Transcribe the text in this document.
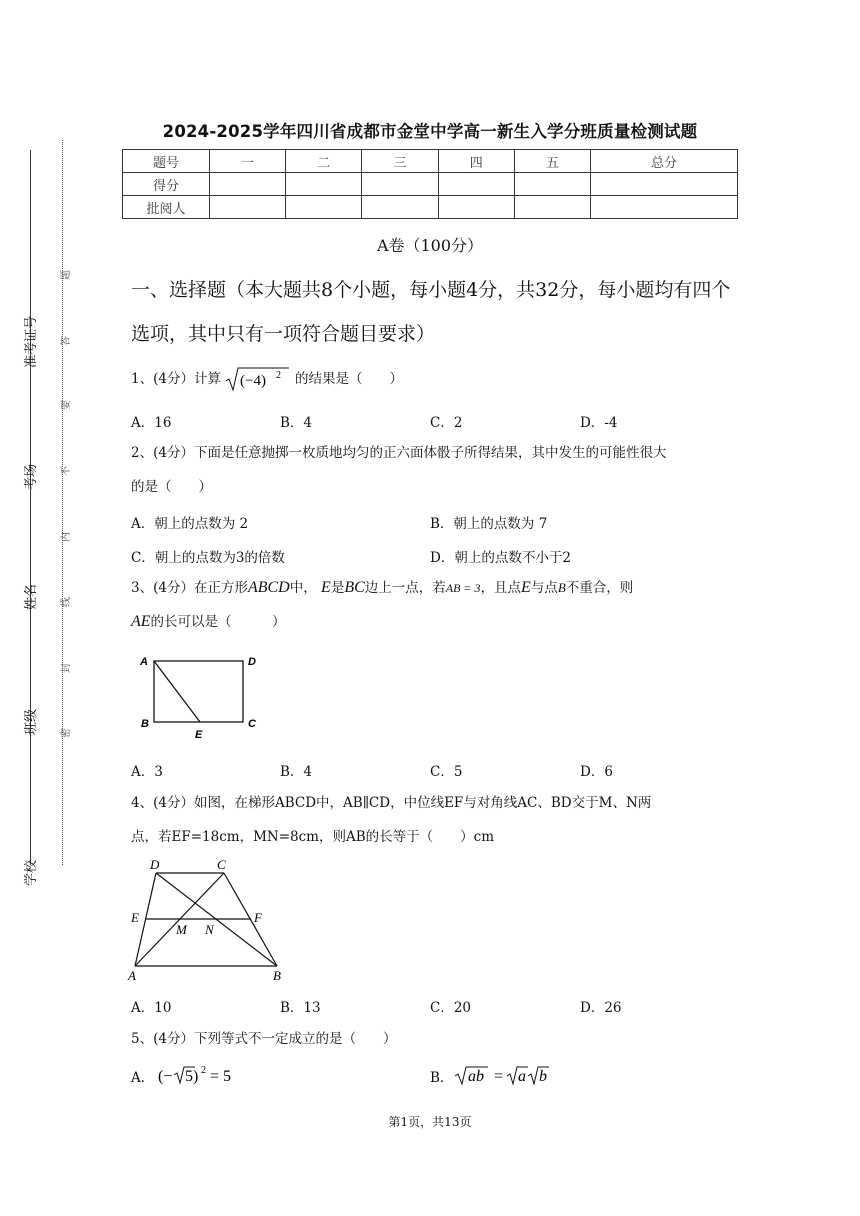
学校
班级
姓名
考场
准考证号
密
封
线
内
不
要
答
题
2024-2025学年四川省成都市金堂中学高一新生入学分班质量检测试题
题号	一	二	三	四	五	总分
得分						
批阅人						
A卷（100分）
一、选择题（本大题共8个小题，每小题4分，共32分，每小题均有四个选项，其中只有一项符合题目要求）
1、(4分）计算 (−4) 2 的结果是（　　）
A．16	B．4	C．2	D．-4
2、(4分）下面是任意抛掷一枚质地均匀的正六面体骰子所得结果，其中发生的可能性很大
的是（　　）
A．朝上的点数为 2	B．朝上的点数为 7
C．朝上的点数为3的倍数	D．朝上的点数不小于2
3、(4分）在正方形ABCD中， E是BC边上一点，若AB = 3，且点E与点B不重合，则
AE的长可以是（　　　）
A	D
B	C
E
A．3	B．4	C．5	D．6
4、(4分）如图，在梯形ABCD中，AB∥CD，中位线EF与对角线AC、BD交于M、N两
点，若EF=18cm，MN=8cm，则AB的长等于（　　）cm
D	C
E	F
M N
A	B
A．10	B．13	C．20	D．26
5、(4分）下列等式不一定成立的是（　　）
A． (− 5) 2 = 5	B． ab = a b
第1页，共13页
